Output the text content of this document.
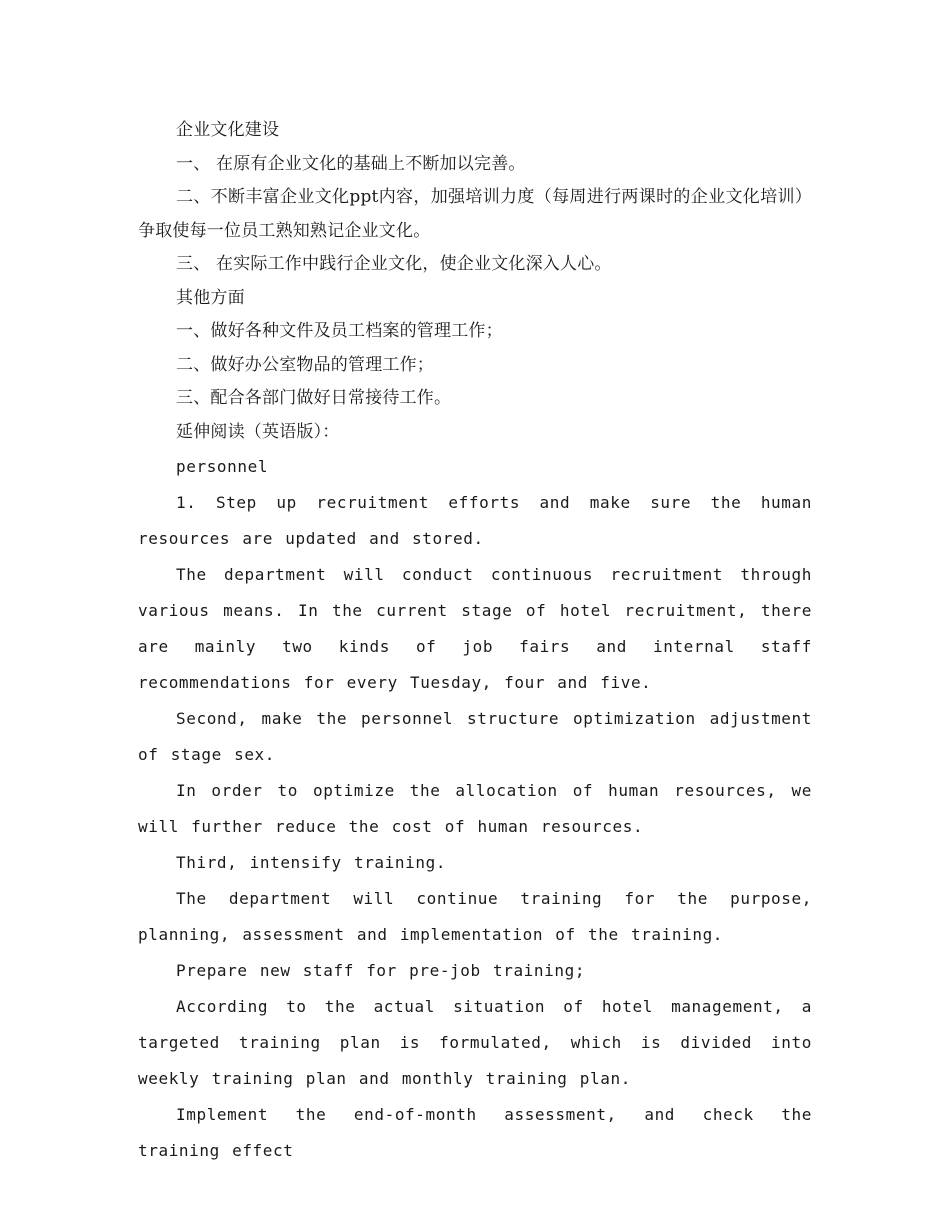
企业文化建设

一、 在原有企业文化的基础上不断加以完善。

二、不断丰富企业文化ppt内容，加强培训力度（每周进行两课时的企业文化培训）争取使每一位员工熟知熟记企业文化。

三、 在实际工作中践行企业文化，使企业文化深入人心。

其他方面

一、做好各种文件及员工档案的管理工作；

二、做好办公室物品的管理工作；

三、配合各部门做好日常接待工作。

延伸阅读（英语版）：

personnel

1. Step up recruitment efforts and make sure the human resources are updated and stored.

The department will conduct continuous recruitment through various means. In the current stage of hotel recruitment, there are mainly two kinds of job fairs and internal staff recommendations for every Tuesday, four and five.

Second, make the personnel structure optimization adjustment of stage sex.

In order to optimize the allocation of human resources, we will further reduce the cost of human resources.

Third, intensify training.

The department will continue training for the purpose, planning, assessment and implementation of the training.

Prepare new staff for pre-job training;

According to the actual situation of hotel management, a targeted training plan is formulated, which is divided into weekly training plan and monthly training plan.

Implement the end-of-month assessment, and check the training effect
